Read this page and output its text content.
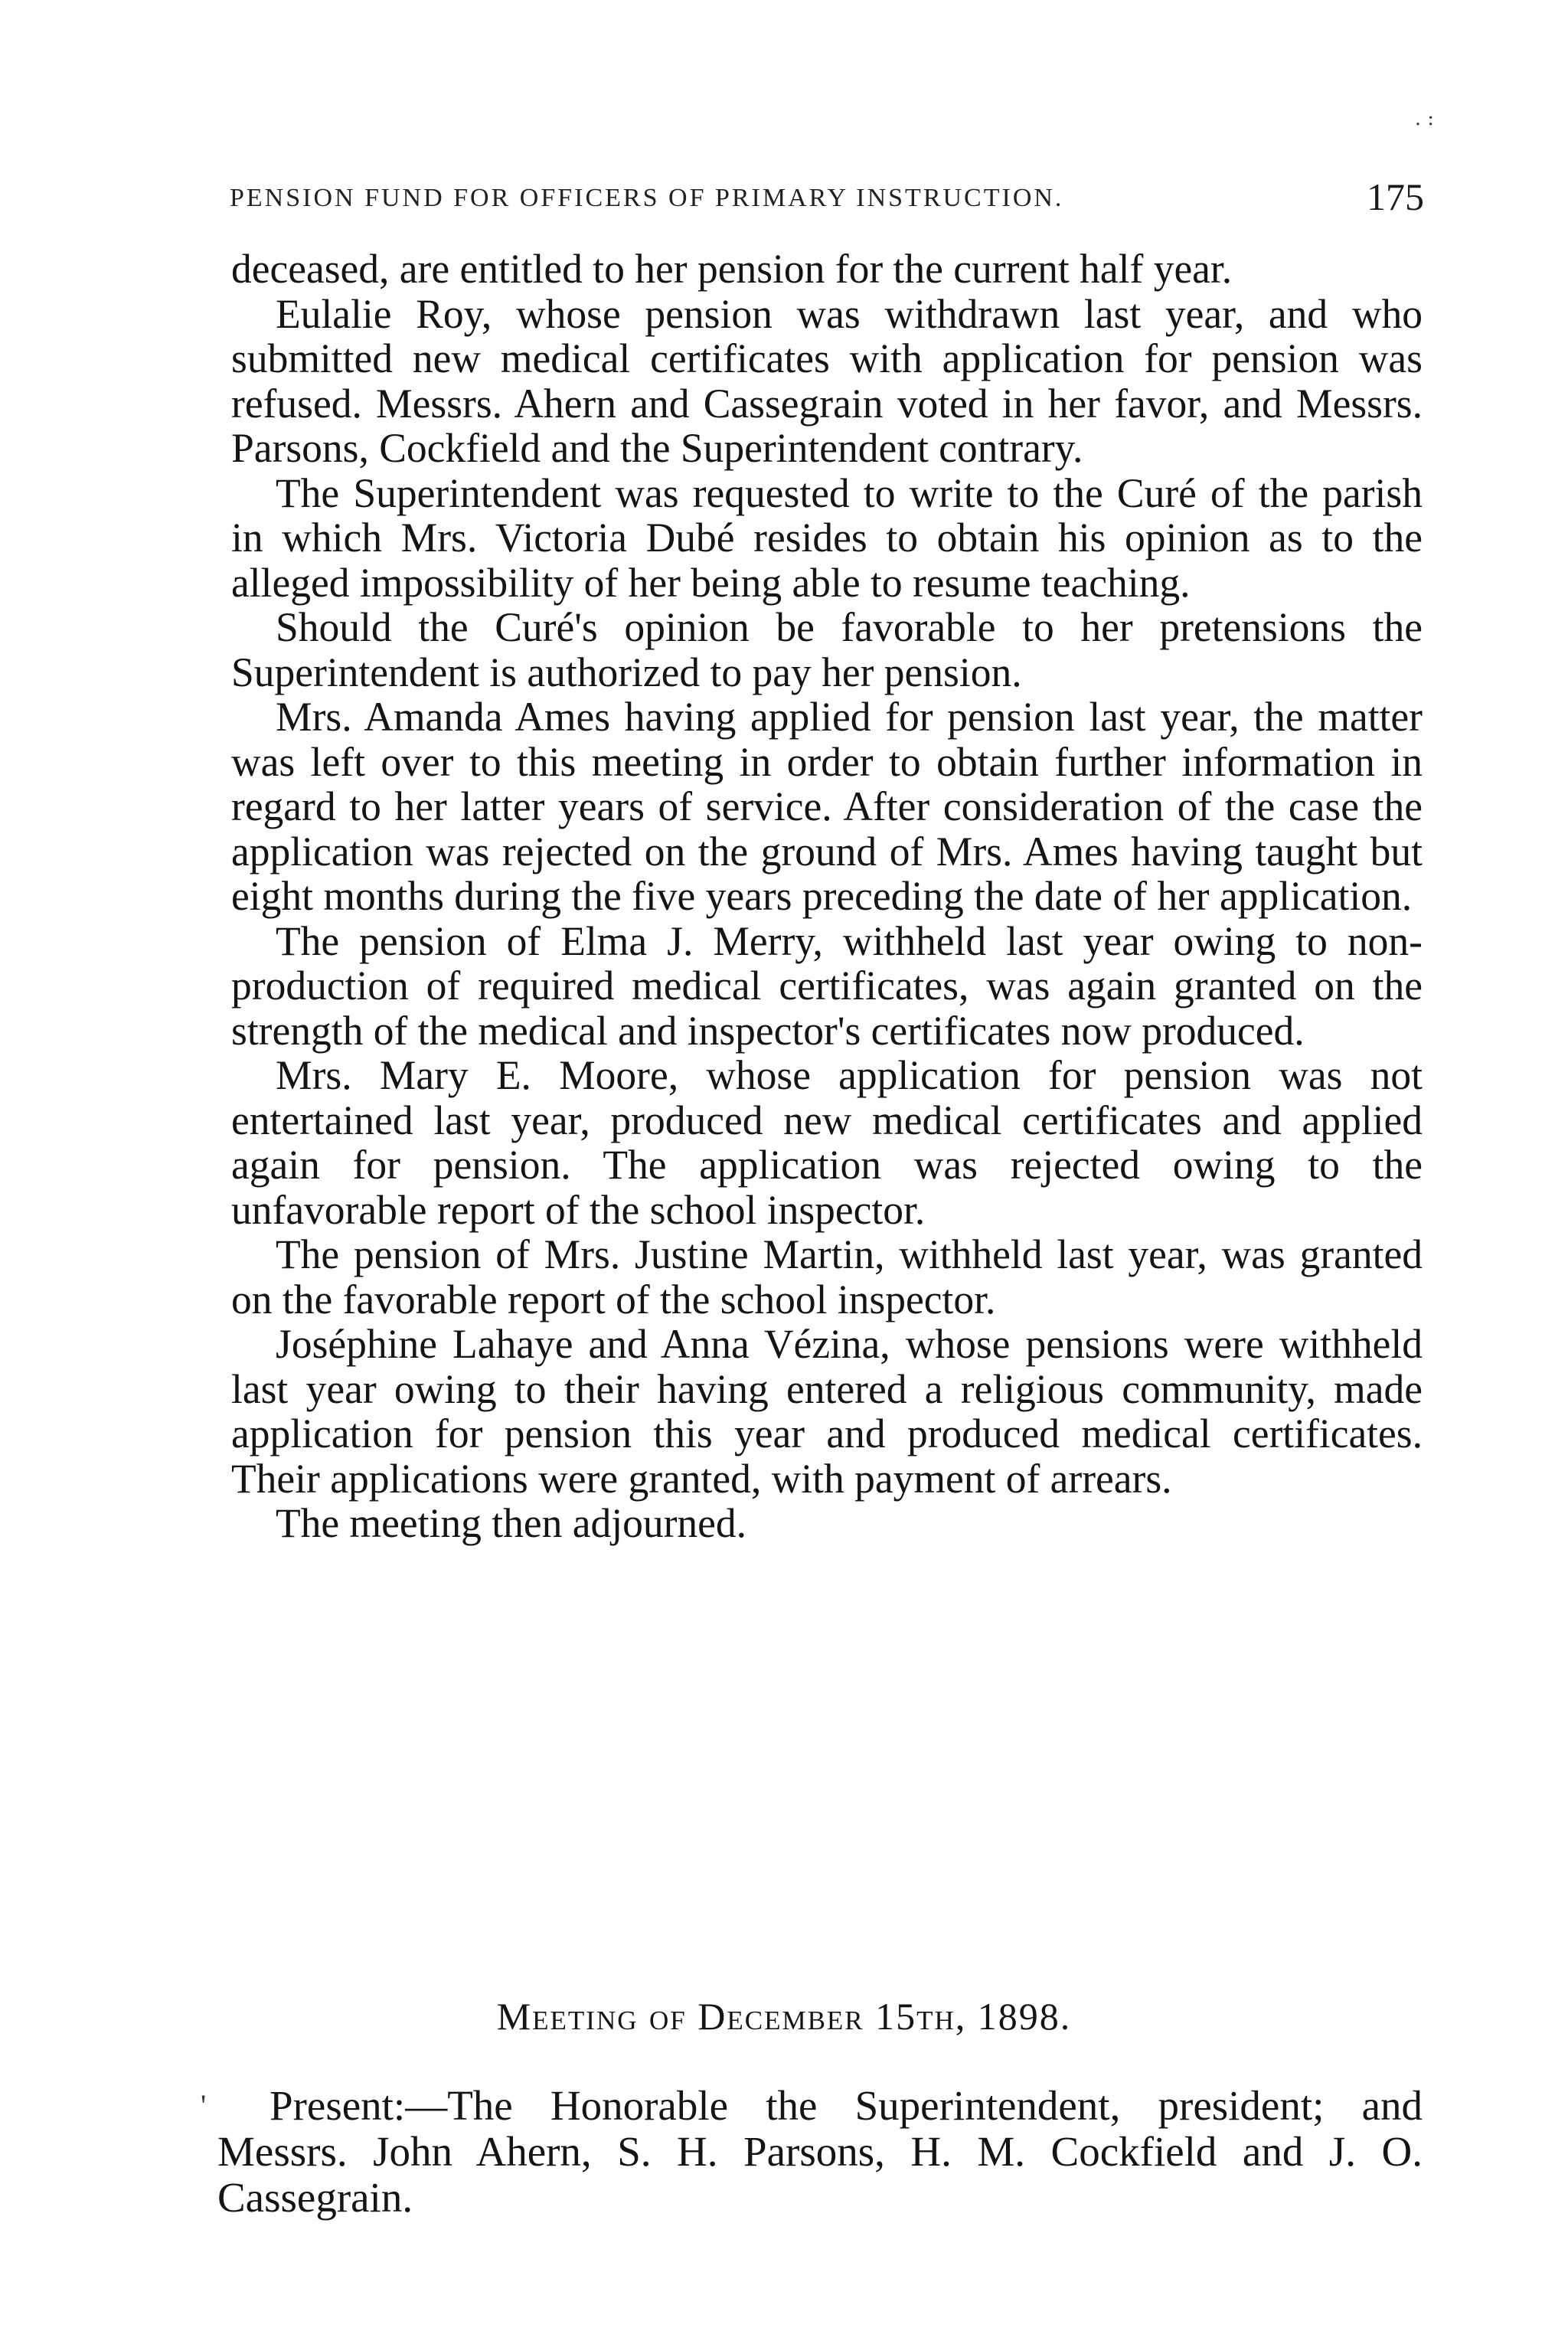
. :
PENSION FUND FOR OFFICERS OF PRIMARY INSTRUCTION.	175

deceased, are entitled to her pension for the current half year.

Eulalie Roy, whose pension was withdrawn last year, and who submitted new medical certificates with application for pension was refused. Messrs. Ahern and Cassegrain voted in her favor, and Messrs. Parsons, Cockfield and the Superintendent contrary.

The Superintendent was requested to write to the Curé of the parish in which Mrs. Victoria Dubé resides to obtain his opinion as to the alleged impossibility of her being able to resume teaching.

Should the Curé's opinion be favorable to her pretensions the Superintendent is authorized to pay her pension.

Mrs. Amanda Ames having applied for pension last year, the matter was left over to this meeting in order to obtain further information in regard to her latter years of service. After consideration of the case the application was rejected on the ground of Mrs. Ames having taught but eight months during the five years preceding the date of her application.

The pension of Elma J. Merry, withheld last year owing to non-production of required medical certificates, was again granted on the strength of the medical and inspector's certificates now produced.

Mrs. Mary E. Moore, whose application for pension was not entertained last year, produced new medical certificates and applied again for pension. The application was rejected owing to the unfavorable report of the school inspector.

The pension of Mrs. Justine Martin, withheld last year, was granted on the favorable report of the school inspector.

Joséphine Lahaye and Anna Vézina, whose pensions were withheld last year owing to their having entered a religious community, made application for pension this year and produced medical certificates. Their applications were granted, with payment of arrears.

The meeting then adjourned.

Meeting of December 15th, 1898.
'	Present:—The Honorable the Superintendent, president; and Messrs. John Ahern, S. H. Parsons, H. M. Cockfield and J. O. Cassegrain.
